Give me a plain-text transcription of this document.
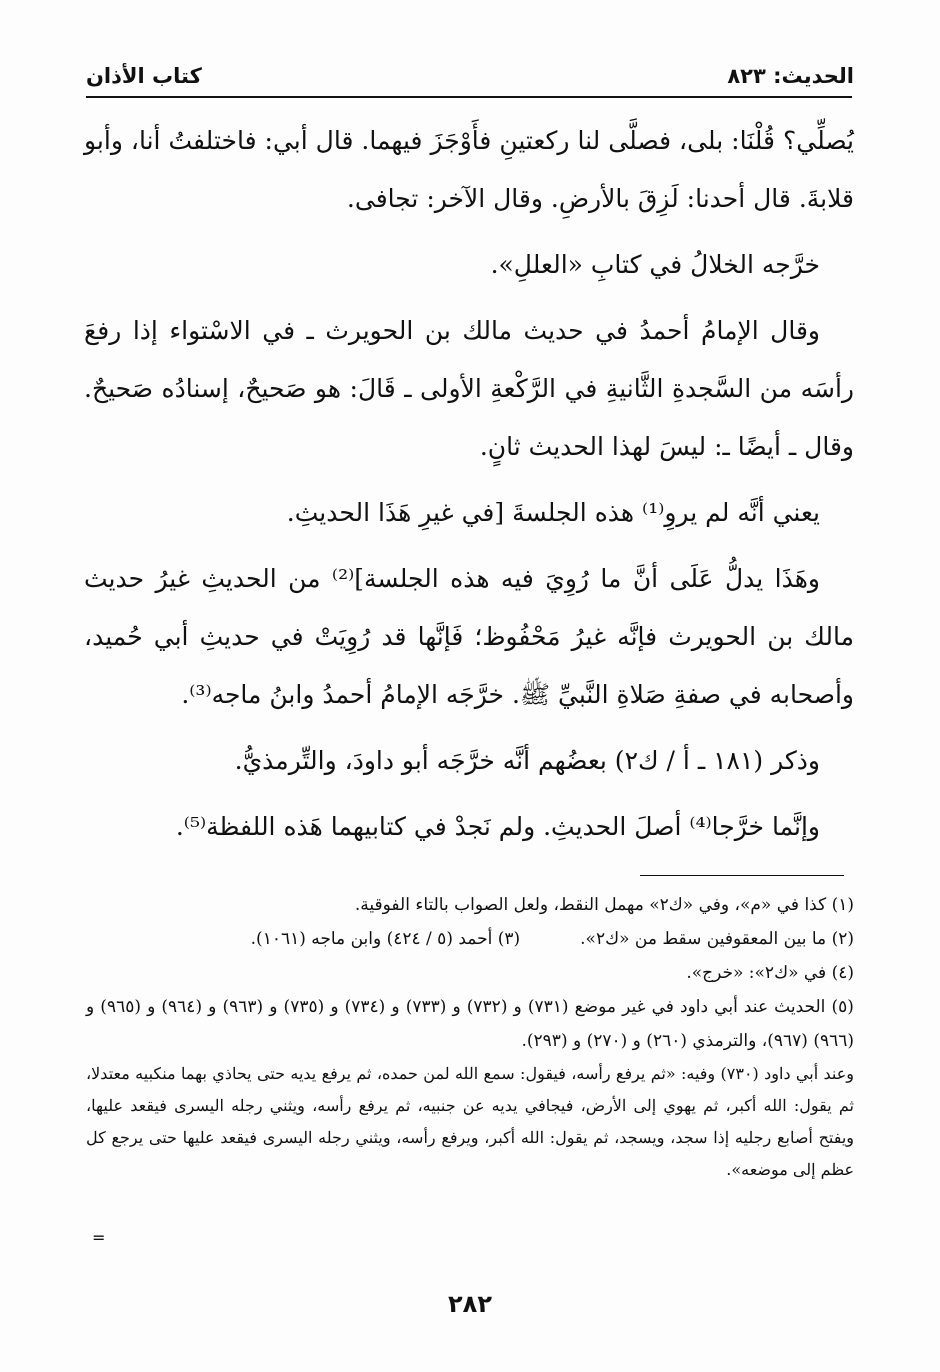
الحديث: ٨٢٣
كتاب الأذان

يُصلِّي؟ قُلْنَا: بلى، فصلَّى لنا ركعتينِ فأَوْجَزَ فيهما. قال أبي: فاختلفتُ أنا، وأبو قلابةَ. قال أحدنا: لَزِقَ بالأرضِ. وقال الآخر: تجافى.

خرَّجه الخلالُ في كتابِ «العللِ».

وقال الإمامُ أحمدُ في حديث مالك بن الحويرث ـ في الاسْتواء إذا رفعَ رأسَه من السَّجدةِ الثَّانيةِ في الرَّكْعةِ الأولى ـ قَالَ: هو صَحيحٌ، إسنادُه صَحيحٌ. وقال ـ أيضًا ـ: ليسَ لهذا الحديث ثانٍ.

يعني أنَّه لم يروِ⁽¹⁾ هذه الجلسةَ [في غيرِ هَذَا الحديثِ.

وهَذَا يدلُّ عَلَى أنَّ ما رُوِيَ فيه هذه الجلسة]⁽²⁾ من الحديثِ غيرُ حديث مالك بن الحويرث فإنَّه غيرُ مَحْفُوظ؛ فَإنَّها قد رُوِيَتْ في حديثِ أبي حُميد، وأصحابه في صفةِ صَلاةِ النَّبيِّ ﷺ. خرَّجَه الإمامُ أحمدُ وابنُ ماجه⁽³⁾.

وذكر (١٨١ ـ أ / ك٢) بعضُهم أنَّه خرَّجَه أبو داودَ، والتِّرمذيُّ.

وإنَّما خرَّجا⁽⁴⁾ أصلَ الحديثِ. ولم نَجدْ في كتابيهما هَذه اللفظة⁽⁵⁾.

(١) كذا في «م»، وفي «ك٢» مهمل النقط، ولعل الصواب بالتاء الفوقية.

(٢) ما بين المعقوفين سقط من «ك٢».

(٣) أحمد (٥ / ٤٢٤) وابن ماجه (١٠٦١).

(٤) في «ك٢»: «خرج».

(٥) الحديث عند أبي داود في غير موضع (٧٣١) و (٧٣٢) و (٧٣٣) و (٧٣٤) و (٧٣٥) و (٩٦٣) و (٩٦٤) و (٩٦٥) و (٩٦٦) (٩٦٧)، والترمذي (٢٦٠) و (٢٧٠) و (٢٩٣).

وعند أبي داود (٧٣٠) وفيه: «ثم يرفع رأسه، فيقول: سمع الله لمن حمده، ثم يرفع يديه حتى يحاذي بهما منكبيه معتدلا، ثم يقول: الله أكبر، ثم يهوي إلى الأرض، فيجافي يديه عن جنبيه، ثم يرفع رأسه، ويثني رجله اليسرى فيقعد عليها، ويفتح أصابع رجليه إذا سجد، ويسجد، ثم يقول: الله أكبر، ويرفع رأسه، ويثني رجله اليسرى فيقعد عليها حتى يرجع كل عظم إلى موضعه».

=
٢٨٢
